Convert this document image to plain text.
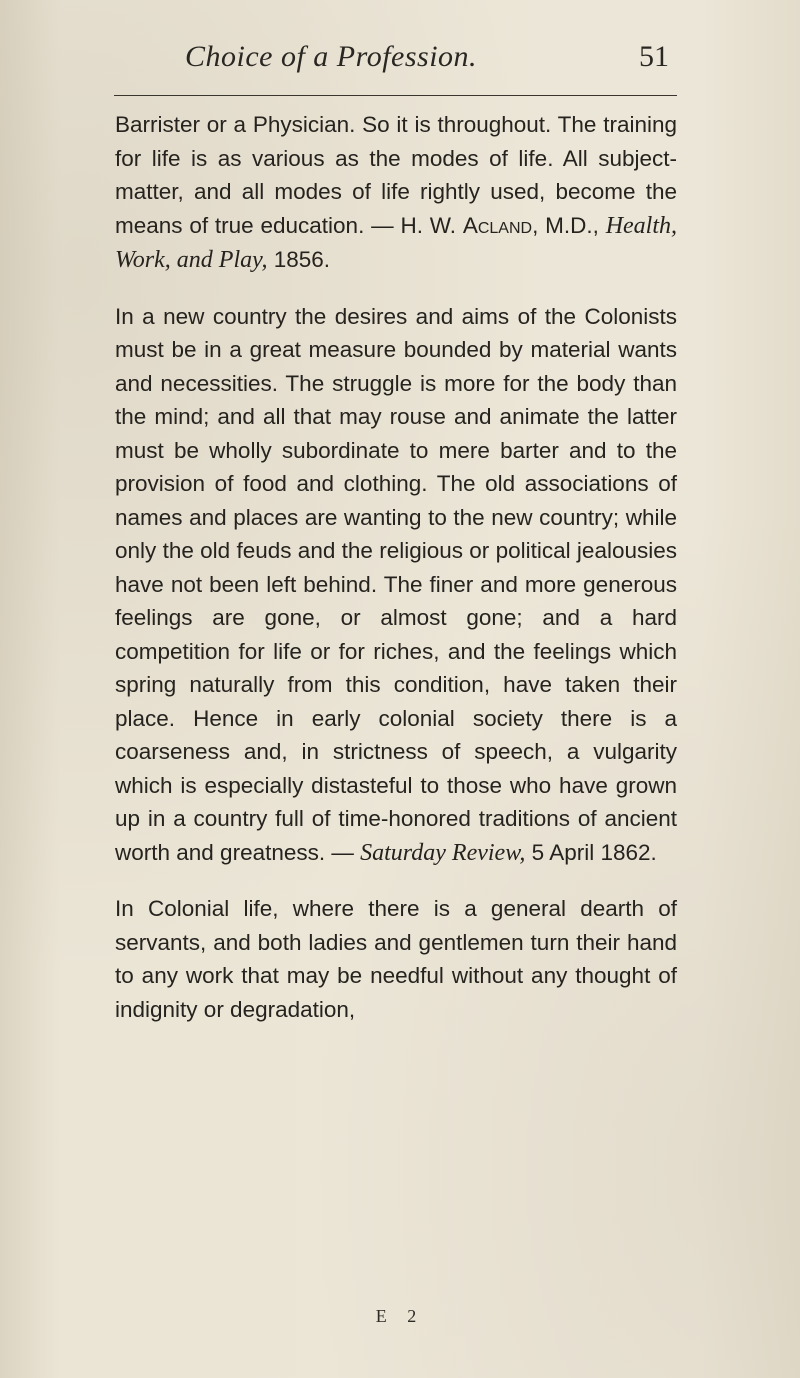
Choice of a Profession.	51

Barrister or a Physician. So it is throughout. The training for life is as various as the modes of life. All subject-matter, and all modes of life rightly used, become the means of true education. — H. W. Acland, M.D., Health, Work, and Play, 1856.

In a new country the desires and aims of the Colonists must be in a great measure bounded by material wants and necessities. The struggle is more for the body than the mind; and all that may rouse and animate the latter must be wholly subordinate to mere barter and to the provision of food and clothing. The old associations of names and places are wanting to the new country; while only the old feuds and the religious or political jealousies have not been left behind. The finer and more generous feelings are gone, or almost gone; and a hard competition for life or for riches, and the feelings which spring naturally from this condition, have taken their place. Hence in early colonial society there is a coarseness and, in strictness of speech, a vulgarity which is especially distasteful to those who have grown up in a country full of time-honored traditions of ancient worth and greatness. — Saturday Review, 5 April 1862.

In Colonial life, where there is a general dearth of servants, and both ladies and gentlemen turn their hand to any work that may be needful without any thought of indignity or degradation,

E 2
